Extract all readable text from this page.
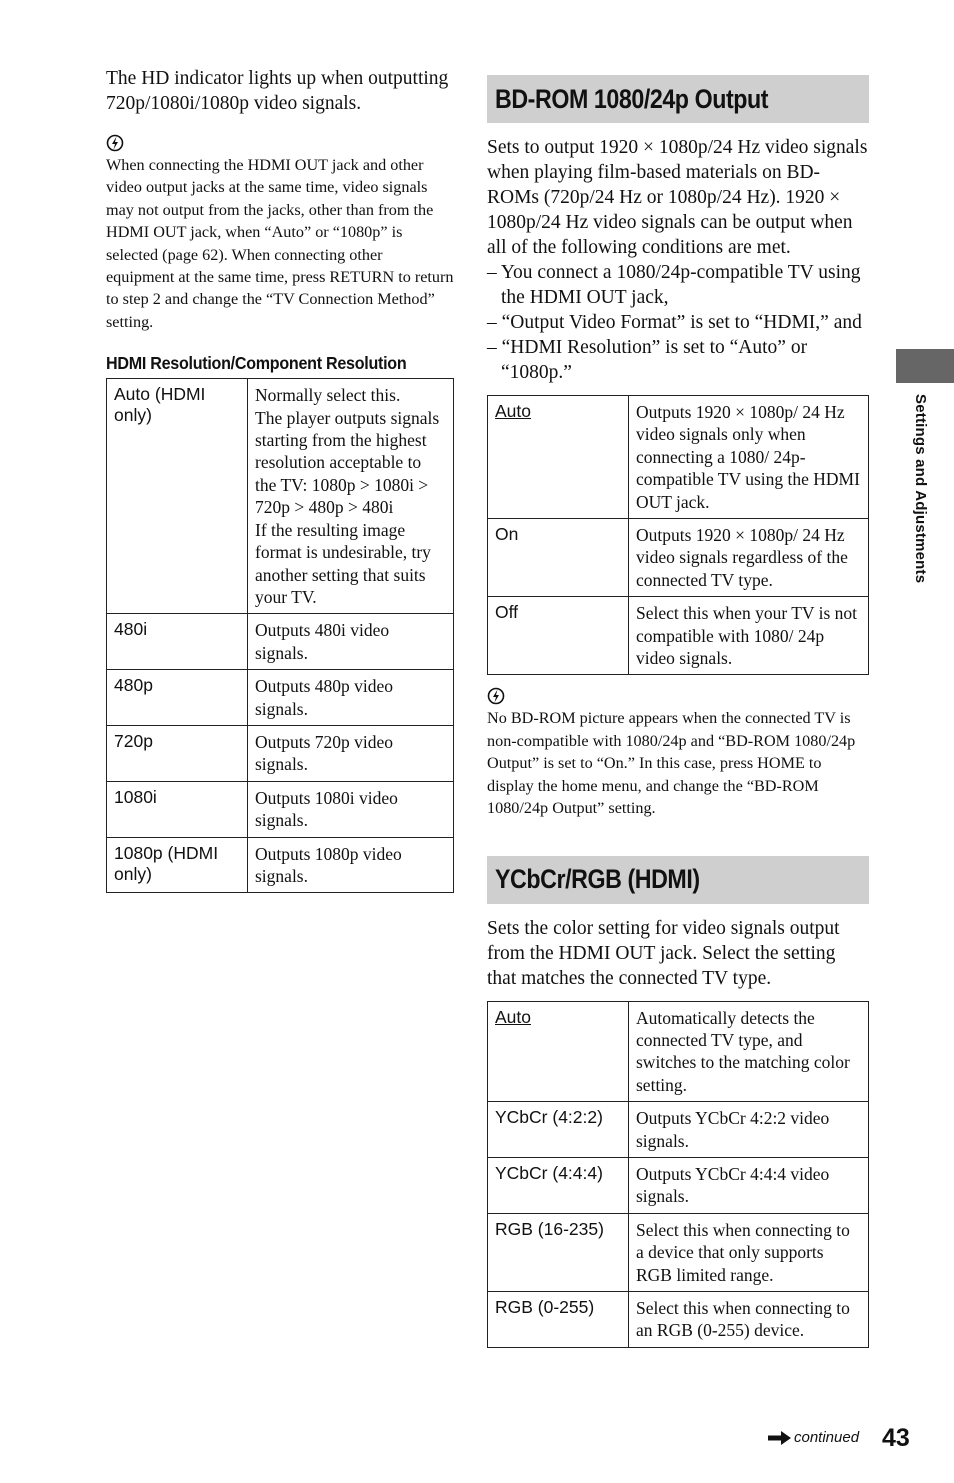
The HD indicator lights up when outputting 720p/1080i/1080p video signals.

When connecting the HDMI OUT jack and other video output jacks at the same time, video signals may not output from the jacks, other than from the HDMI OUT jack, when “Auto” or “1080p” is selected (page 62). When connecting other equipment at the same time, press RETURN to return to step 2 and change the “TV Connection Method” setting.

HDMI Resolution/Component Resolution
Auto (HDMI only)	Normally select this.
The player outputs signals starting from the highest resolution acceptable to the TV: 1080p > 1080i > 720p > 480p > 480i
If the resulting image format is undesirable, try another setting that suits your TV.
480i	Outputs 480i video signals.
480p	Outputs 480p video signals.
720p	Outputs 720p video signals.
1080i	Outputs 1080i video signals.
1080p (HDMI only)	Outputs 1080p video signals.
BD-ROM 1080/24p Output

Sets to output 1920 × 1080p/24 Hz video signals when playing film-based materials on BD-ROMs (720p/24 Hz or 1080p/24 Hz). 1920 × 1080p/24 Hz video signals can be output when all of the following conditions are met.

– You connect a 1080/24p-compatible TV using the HDMI OUT jack,

– “Output Video Format” is set to “HDMI,” and

– “HDMI Resolution” is set to “Auto” or “1080p.”

Auto	Outputs 1920 × 1080p/ 24 Hz video signals only when connecting a 1080/ 24p-compatible TV using the HDMI OUT jack.
On	Outputs 1920 × 1080p/ 24 Hz video signals regardless of the connected TV type.
Off	Select this when your TV is not compatible with 1080/ 24p video signals.

No BD-ROM picture appears when the connected TV is non-compatible with 1080/24p and “BD-ROM 1080/24p Output” is set to “On.” In this case, press HOME to display the home menu, and change the “BD-ROM 1080/24p Output” setting.

YCbCr/RGB (HDMI)

Sets the color setting for video signals output from the HDMI OUT jack. Select the setting that matches the connected TV type.

Auto	Automatically detects the connected TV type, and switches to the matching color setting.
YCbCr (4:2:2)	Outputs YCbCr 4:2:2 video signals.
YCbCr (4:4:4)	Outputs YCbCr 4:4:4 video signals.
RGB (16-235)	Select this when connecting to a device that only supports RGB limited range.
RGB (0-255)	Select this when connecting to an RGB (0-255) device.
Settings and Adjustments
continued 43
